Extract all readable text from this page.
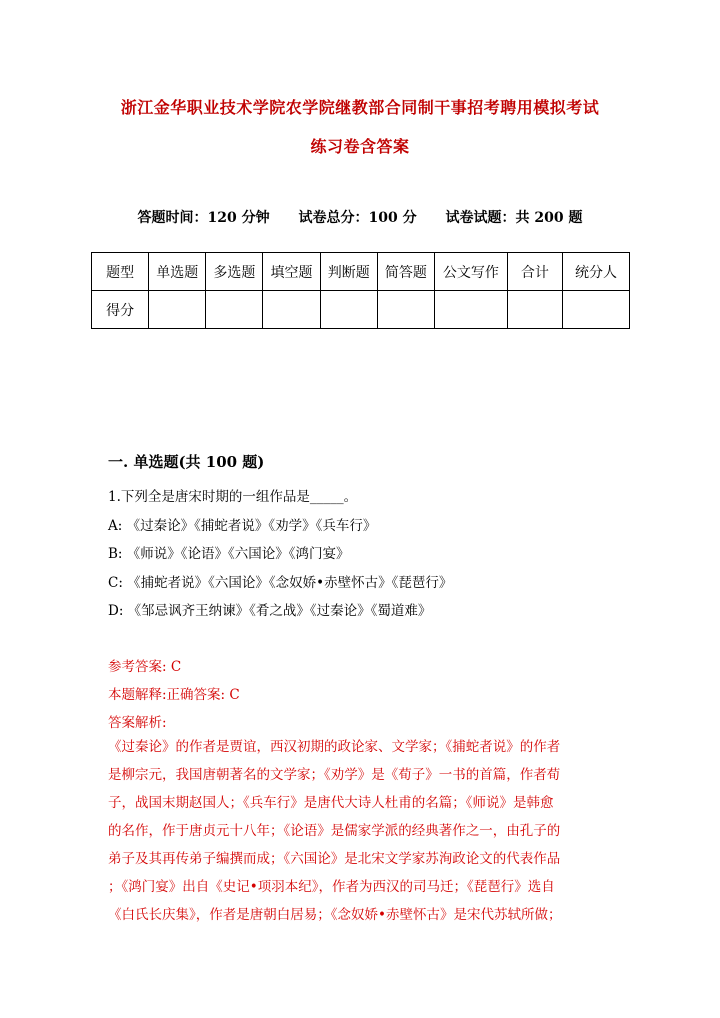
浙江金华职业技术学院农学院继教部合同制干事招考聘用模拟考试
练习卷含答案
答题时间：120 分钟 试卷总分：100 分 试卷试题：共 200 题
题型	单选题	多选题	填空题	判断题	简答题	公文写作	合计	统分人
得分								
一. 单选题(共 100 题)
1.下列全是唐宋时期的一组作品是_____。
A: 《过秦论》《捕蛇者说》《劝学》《兵车行》
B: 《师说》《论语》《六国论》《鸿门宴》
C: 《捕蛇者说》《六国论》《念奴娇•赤壁怀古》《琵琶行》
D: 《邹忌讽齐王纳谏》《肴之战》《过秦论》《蜀道难》
参考答案: C
本题解释:正确答案: C
答案解析:
《过秦论》的作者是贾谊，西汉初期的政论家、文学家；《捕蛇者说》的作者
是柳宗元，我国唐朝著名的文学家；《劝学》是《荀子》一书的首篇，作者荀
子，战国末期赵国人；《兵车行》是唐代大诗人杜甫的名篇；《师说》是韩愈
的名作，作于唐贞元十八年；《论语》是儒家学派的经典著作之一，由孔子的
弟子及其再传弟子编撰而成；《六国论》是北宋文学家苏洵政论文的代表作品
；《鸿门宴》出自《史记•项羽本纪》，作者为西汉的司马迁；《琵琶行》选自
《白氏长庆集》，作者是唐朝白居易；《念奴娇•赤壁怀古》是宋代苏轼所做；
